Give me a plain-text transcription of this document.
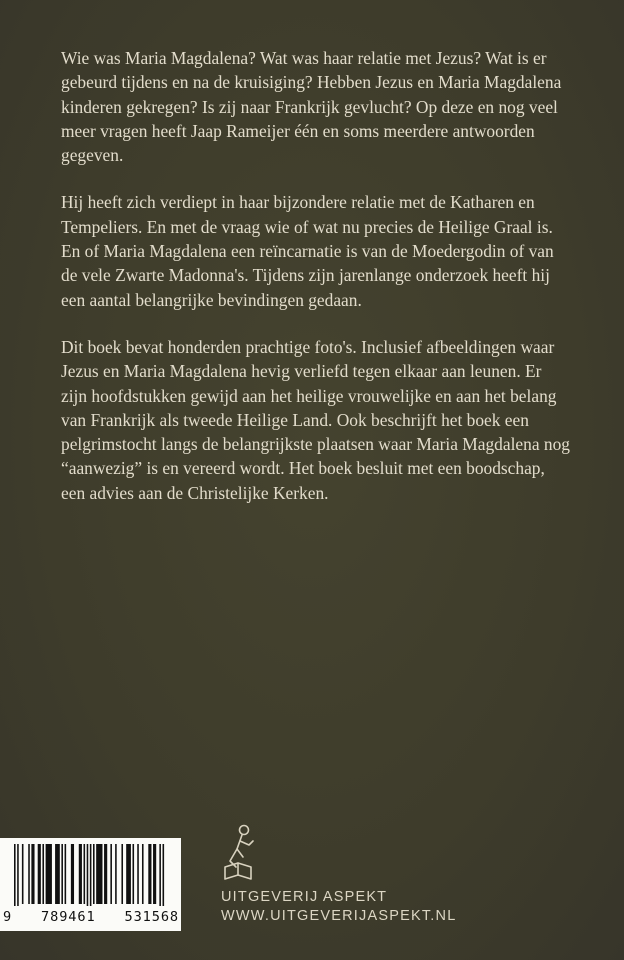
Wie was Maria Magdalena? Wat was haar relatie met Jezus? Wat is er gebeurd tijdens en na de kruisiging? Hebben Jezus en Maria Magdalena kinderen gekregen? Is zij naar Frankrijk gevlucht? Op deze en nog veel meer vragen heeft Jaap Rameijer één en soms meerdere antwoorden gegeven.

Hij heeft zich verdiept in haar bijzondere relatie met de Katharen en Tempeliers. En met de vraag wie of wat nu precies de Heilige Graal is. En of Maria Magdalena een reïncarnatie is van de Moedergodin of van de vele Zwarte Madonna's. Tijdens zijn jarenlange onderzoek heeft hij een aantal belangrijke bevindingen gedaan.

Dit boek bevat honderden prachtige foto's. Inclusief afbeeldingen waar Jezus en Maria Magdalena hevig verliefd tegen elkaar aan leunen. Er zijn hoofdstukken gewijd aan het heilige vrouwelijke en aan het belang van Frankrijk als tweede Heilige Land. Ook beschrijft het boek een pelgrimstocht langs de belangrijkste plaatsen waar Maria Magdalena nog “aanwezig” is en vereerd wordt. Het boek besluit met een boodschap, een advies aan de Christelijke Kerken.

UITGEVERIJ ASPEKT
WWW.UITGEVERIJASPEKT.NL
9 789461 531568
